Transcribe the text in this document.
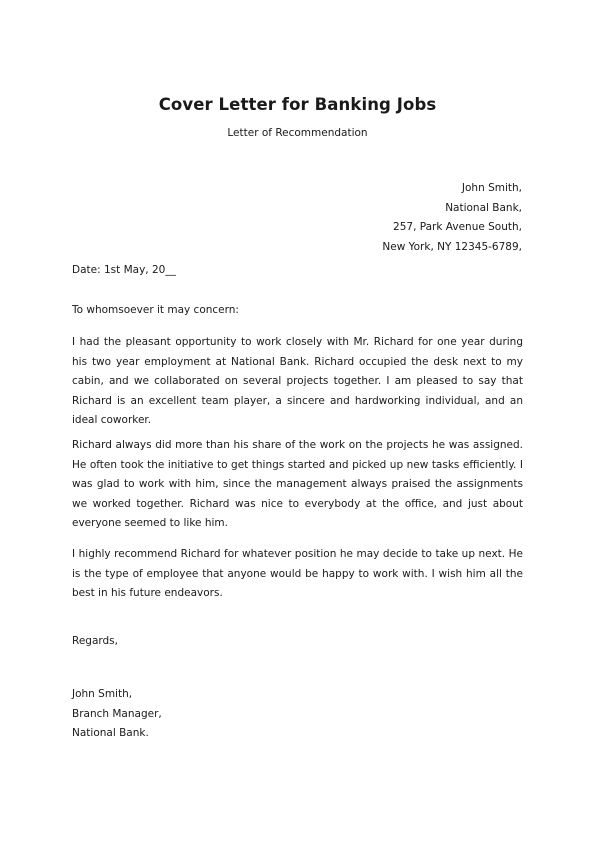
Cover Letter for Banking Jobs
Letter of Recommendation
John Smith,
National Bank,
257, Park Avenue South,
New York, NY 12345-6789,
Date: 1st May, 20__
To whomsoever it may concern:

I had the pleasant opportunity to work closely with Mr. Richard for one year during his two year employment at National Bank. Richard occupied the desk next to my cabin, and we collaborated on several projects together. I am pleased to say that Richard is an excellent team player, a sincere and hardworking individual, and an ideal coworker.

Richard always did more than his share of the work on the projects he was assigned. He often took the initiative to get things started and picked up new tasks efficiently. I was glad to work with him, since the management always praised the assignments we worked together. Richard was nice to everybody at the office, and just about everyone seemed to like him.

I highly recommend Richard for whatever position he may decide to take up next. He is the type of employee that anyone would be happy to work with. I wish him all the best in his future endeavors.

Regards,
John Smith,
Branch Manager,
National Bank.
